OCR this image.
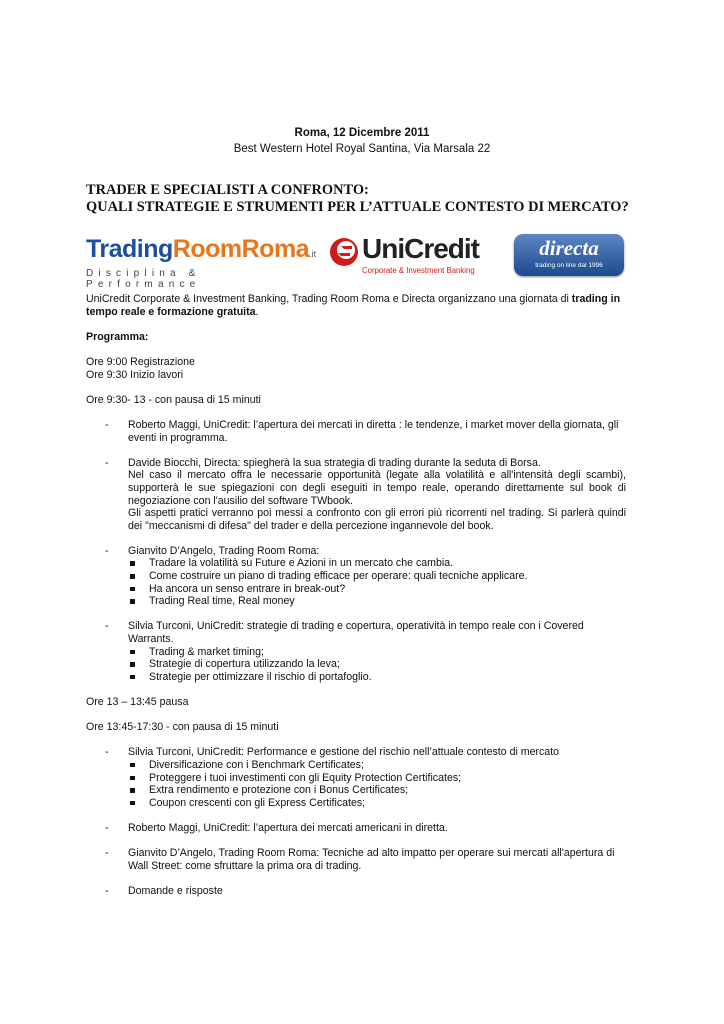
Roma, 12 Dicembre 2011
Best Western Hotel Royal Santina, Via Marsala 22
TRADER E SPECIALISTI A CONFRONTO:
QUALI STRATEGIE E STRUMENTI PER L’ATTUALE CONTESTO DI MERCATO?
TradingRoomRoma.it
Disciplina & Performance
UniCredit
Corporate & Investment Banking
directa
trading on line dal 1996

UniCredit Corporate & Investment Banking, Trading Room Roma e Directa organizzano una giornata di trading in tempo reale e formazione gratuita.

Programma:

Ore 9:00 Registrazione

Ore 9:30 Inizio lavori

Ore 9:30- 13 - con pausa di 15 minuti

- Roberto Maggi, UniCredit: l’apertura dei mercati in diretta : le tendenze, i market mover della giornata, gli eventi in programma.

- Davide Biocchi, Directa: spiegherà la sua strategia di trading durante la seduta di Borsa.

Nel caso il mercato offra le necessarie opportunità (legate alla volatilità e all'intensità degli scambi), supporterà le sue spiegazioni con degli eseguiti in tempo reale, operando direttamente sul book di negoziazione con l'ausilio del software TWbook.

Gli aspetti pratici verranno poi messi a confronto con gli errori più ricorrenti nel trading. Si parlerà quindi dei "meccanismi di difesa" del trader e della percezione ingannevole del book.

- Gianvito D’Angelo, Trading Room Roma:

Tradare la volatilità su Future e Azioni in un mercato che cambia.
Come costruire un piano di trading efficace per operare: quali tecniche applicare.
Ha ancora un senso entrare in break-out?
Trading Real time, Real money
- Silvia Turconi, UniCredit: strategie di trading e copertura, operatività in tempo reale con i Covered Warrants.

Trading & market timing;
Strategie di copertura utilizzando la leva;
Strategie per ottimizzare il rischio di portafoglio.

Ore 13 – 13:45 pausa

Ore 13:45-17:30 - con pausa di 15 minuti

- Silvia Turconi, UniCredit: Performance e gestione del rischio nell’attuale contesto di mercato

Diversificazione con i Benchmark Certificates;
Proteggere i tuoi investimenti con gli Equity Protection Certificates;
Extra rendimento e protezione con i Bonus Certificates;
Coupon crescenti con gli Express Certificates;
- Roberto Maggi, UniCredit: l’apertura dei mercati americani in diretta.

- Gianvito D’Angelo, Trading Room Roma: Tecniche ad alto impatto per operare sui mercati all'apertura di Wall Street: come sfruttare la prima ora di trading.

- Domande e risposte
